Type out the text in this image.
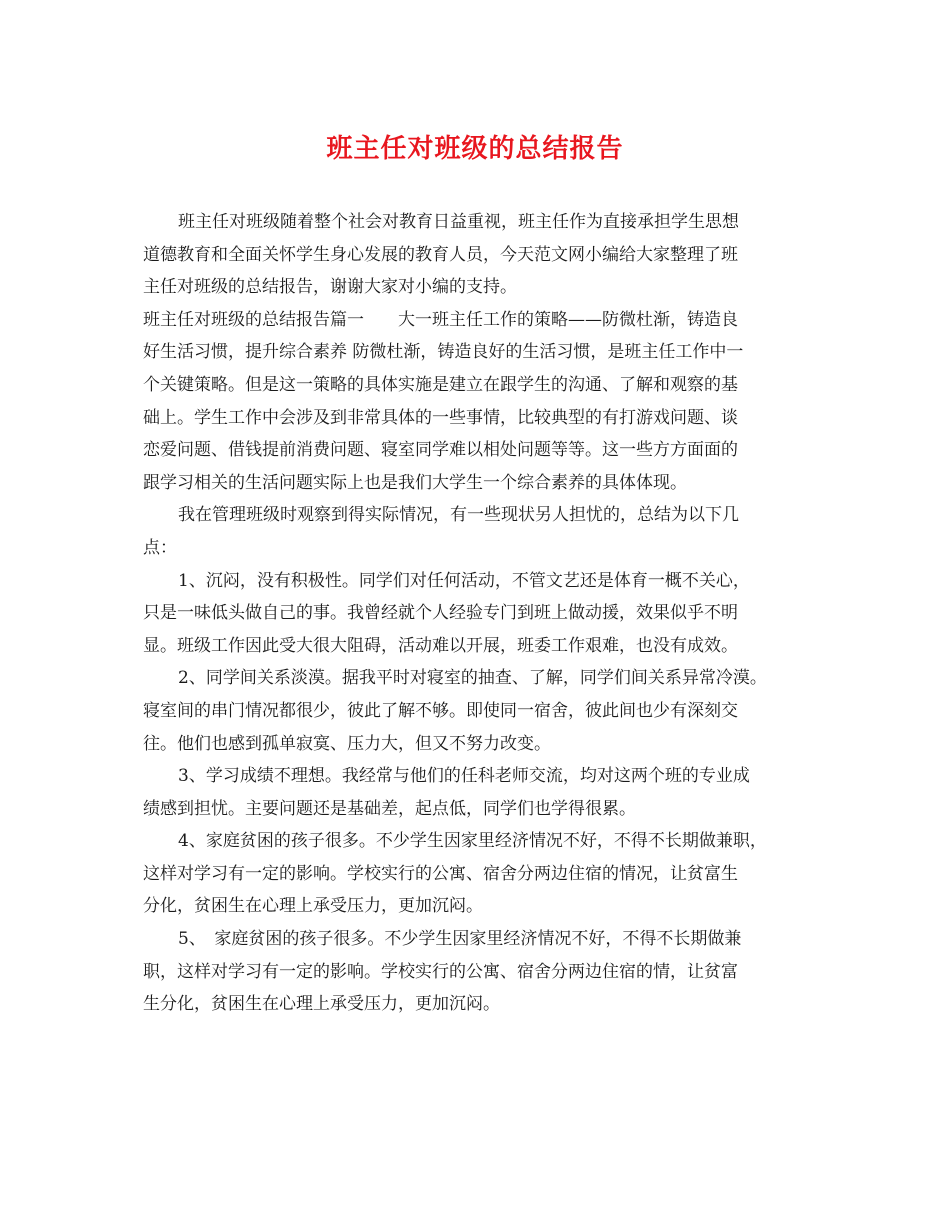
班主任对班级的总结报告
班主任对班级随着整个社会对教育日益重视，班主任作为直接承担学生思想
道德教育和全面关怀学生身心发展的教育人员，今天范文网小编给大家整理了班
主任对班级的总结报告，谢谢大家对小编的支持。
班主任对班级的总结报告篇一　　大一班主任工作的策略——防微杜渐，铸造良
好生活习惯，提升综合素养 防微杜渐，铸造良好的生活习惯，是班主任工作中一
个关键策略。但是这一策略的具体实施是建立在跟学生的沟通、了解和观察的基
础上。学生工作中会涉及到非常具体的一些事情，比较典型的有打游戏问题、谈
恋爱问题、借钱提前消费问题、寝室同学难以相处问题等等。这一些方方面面的
跟学习相关的生活问题实际上也是我们大学生一个综合素养的具体体现。
我在管理班级时观察到得实际情况，有一些现状另人担忧的，总结为以下几
点：
1、沉闷，没有积极性。同学们对任何活动，不管文艺还是体育一概不关心，
只是一味低头做自己的事。我曾经就个人经验专门到班上做动援，效果似乎不明
显。班级工作因此受大很大阻碍，活动难以开展，班委工作艰难，也没有成效。
2、同学间关系淡漠。据我平时对寝室的抽查、了解，同学们间关系异常冷漠。
寝室间的串门情况都很少，彼此了解不够。即使同一宿舍，彼此间也少有深刻交
往。他们也感到孤单寂寞、压力大，但又不努力改变。
3、学习成绩不理想。我经常与他们的任科老师交流，均对这两个班的专业成
绩感到担忧。主要问题还是基础差，起点低，同学们也学得很累。
4、家庭贫困的孩子很多。不少学生因家里经济情况不好，不得不长期做兼职，
这样对学习有一定的影响。学校实行的公寓、宿舍分两边住宿的情况，让贫富生
分化，贫困生在心理上承受压力，更加沉闷。
5、　家庭贫困的孩子很多。不少学生因家里经济情况不好，不得不长期做兼
职，这样对学习有一定的影响。学校实行的公寓、宿舍分两边住宿的情，让贫富
生分化，贫困生在心理上承受压力，更加沉闷。
